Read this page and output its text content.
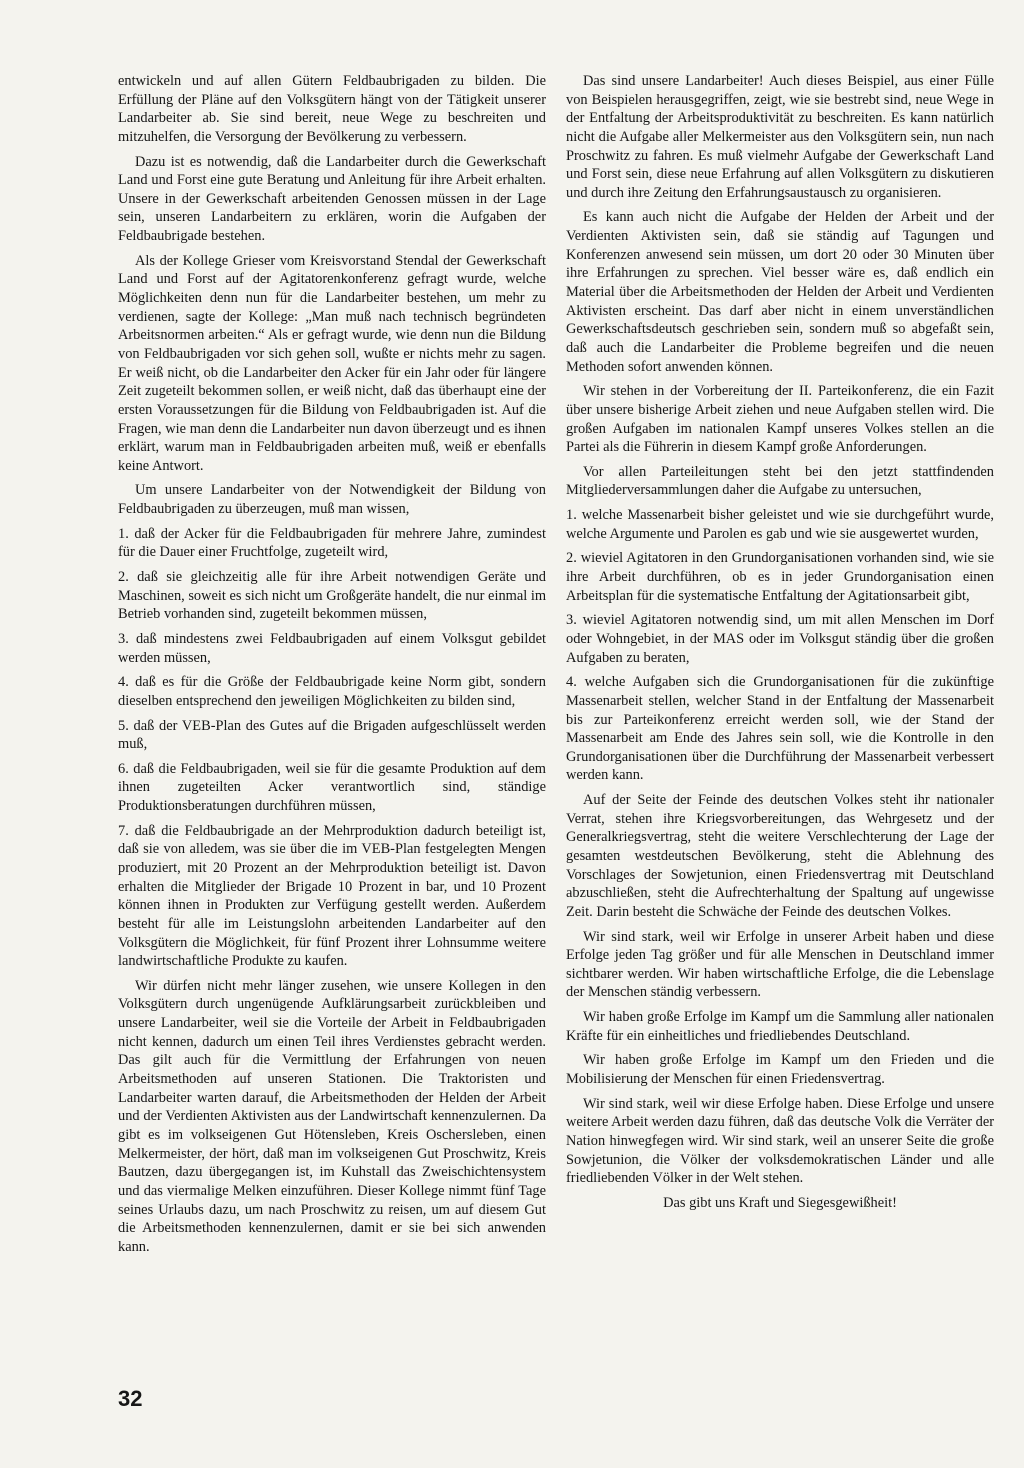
entwickeln und auf allen Gütern Feldbaubrigaden zu bilden. Die Erfüllung der Pläne auf den Volksgütern hängt von der Tätigkeit unserer Landarbeiter ab. Sie sind bereit, neue Wege zu beschreiten und mitzuhelfen, die Versorgung der Bevölkerung zu verbessern.

Dazu ist es notwendig, daß die Landarbeiter durch die Gewerkschaft Land und Forst eine gute Beratung und Anleitung für ihre Arbeit erhalten. Unsere in der Gewerkschaft arbeitenden Genossen müssen in der Lage sein, unseren Landarbeitern zu erklären, worin die Aufgaben der Feldbaubrigade bestehen.

Als der Kollege Grieser vom Kreisvorstand Stendal der Gewerkschaft Land und Forst auf der Agitatorenkonferenz gefragt wurde, welche Möglichkeiten denn nun für die Landarbeiter bestehen, um mehr zu verdienen, sagte der Kollege: „Man muß nach technisch begründeten Arbeitsnormen arbeiten.“ Als er gefragt wurde, wie denn nun die Bildung von Feldbaubrigaden vor sich gehen soll, wußte er nichts mehr zu sagen. Er weiß nicht, ob die Landarbeiter den Acker für ein Jahr oder für längere Zeit zugeteilt bekommen sollen, er weiß nicht, daß das überhaupt eine der ersten Voraussetzungen für die Bildung von Feldbaubrigaden ist. Auf die Fragen, wie man denn die Landarbeiter nun davon überzeugt und es ihnen erklärt, warum man in Feldbaubrigaden arbeiten muß, weiß er ebenfalls keine Antwort.

Um unsere Landarbeiter von der Notwendigkeit der Bildung von Feldbaubrigaden zu überzeugen, muß man wissen,

1. daß der Acker für die Feldbaubrigaden für mehrere Jahre, zumindest für die Dauer einer Fruchtfolge, zugeteilt wird,
2. daß sie gleichzeitig alle für ihre Arbeit notwendigen Geräte und Maschinen, soweit es sich nicht um Großgeräte handelt, die nur einmal im Betrieb vorhanden sind, zugeteilt bekommen müssen,
3. daß mindestens zwei Feldbaubrigaden auf einem Volksgut gebildet werden müssen,
4. daß es für die Größe der Feldbaubrigade keine Norm gibt, sondern dieselben entsprechend den jeweiligen Möglichkeiten zu bilden sind,
5. daß der VEB-Plan des Gutes auf die Brigaden aufgeschlüsselt werden muß,
6. daß die Feldbaubrigaden, weil sie für die gesamte Produktion auf dem ihnen zugeteilten Acker verantwortlich sind, ständige Produktionsberatungen durchführen müssen,
7. daß die Feldbaubrigade an der Mehrproduktion dadurch beteiligt ist, daß sie von alledem, was sie über die im VEB-Plan festgelegten Mengen produziert, mit 20 Prozent an der Mehrproduktion beteiligt ist. Davon erhalten die Mitglieder der Brigade 10 Prozent in bar, und 10 Prozent können ihnen in Produkten zur Verfügung gestellt werden. Außerdem besteht für alle im Leistungslohn arbeitenden Landarbeiter auf den Volksgütern die Möglichkeit, für fünf Prozent ihrer Lohnsumme weitere landwirtschaftliche Produkte zu kaufen.

Wir dürfen nicht mehr länger zusehen, wie unsere Kollegen in den Volksgütern durch ungenügende Aufklärungsarbeit zurückbleiben und unsere Landarbeiter, weil sie die Vorteile der Arbeit in Feldbaubrigaden nicht kennen, dadurch um einen Teil ihres Verdienstes gebracht werden. Das gilt auch für die Vermittlung der Erfahrungen von neuen Arbeitsmethoden auf unseren Stationen. Die Traktoristen und Landarbeiter warten darauf, die Arbeitsmethoden der Helden der Arbeit und der Verdienten Aktivisten aus der Landwirtschaft kennenzulernen. Da gibt es im volkseigenen Gut Hötensleben, Kreis Oschersleben, einen Melkermeister, der hört, daß man im volkseigenen Gut Proschwitz, Kreis Bautzen, dazu übergegangen ist, im Kuhstall das Zweischichtensystem und das viermalige Melken einzuführen. Dieser Kollege nimmt fünf Tage seines Urlaubs dazu, um nach Proschwitz zu reisen, um auf diesem Gut die Arbeitsmethoden kennenzulernen, damit er sie bei sich anwenden kann.

Das sind unsere Landarbeiter! Auch dieses Beispiel, aus einer Fülle von Beispielen herausgegriffen, zeigt, wie sie bestrebt sind, neue Wege in der Entfaltung der Arbeitsproduktivität zu beschreiten. Es kann natürlich nicht die Aufgabe aller Melkermeister aus den Volksgütern sein, nun nach Proschwitz zu fahren. Es muß vielmehr Aufgabe der Gewerkschaft Land und Forst sein, diese neue Erfahrung auf allen Volksgütern zu diskutieren und durch ihre Zeitung den Erfahrungsaustausch zu organisieren.

Es kann auch nicht die Aufgabe der Helden der Arbeit und der Verdienten Aktivisten sein, daß sie ständig auf Tagungen und Konferenzen anwesend sein müssen, um dort 20 oder 30 Minuten über ihre Erfahrungen zu sprechen. Viel besser wäre es, daß endlich ein Material über die Arbeitsmethoden der Helden der Arbeit und Verdienten Aktivisten erscheint. Das darf aber nicht in einem unverständlichen Gewerkschaftsdeutsch geschrieben sein, sondern muß so abgefaßt sein, daß auch die Landarbeiter die Probleme begreifen und die neuen Methoden sofort anwenden können.

Wir stehen in der Vorbereitung der II. Parteikonferenz, die ein Fazit über unsere bisherige Arbeit ziehen und neue Aufgaben stellen wird. Die großen Aufgaben im nationalen Kampf unseres Volkes stellen an die Partei als die Führerin in diesem Kampf große Anforderungen.

Vor allen Parteileitungen steht bei den jetzt stattfindenden Mitgliederversammlungen daher die Aufgabe zu untersuchen,

1. welche Massenarbeit bisher geleistet und wie sie durchgeführt wurde, welche Argumente und Parolen es gab und wie sie ausgewertet wurden,
2. wieviel Agitatoren in den Grundorganisationen vorhanden sind, wie sie ihre Arbeit durchführen, ob es in jeder Grundorganisation einen Arbeitsplan für die systematische Entfaltung der Agitationsarbeit gibt,
3. wieviel Agitatoren notwendig sind, um mit allen Menschen im Dorf oder Wohngebiet, in der MAS oder im Volksgut ständig über die großen Aufgaben zu beraten,
4. welche Aufgaben sich die Grundorganisationen für die zukünftige Massenarbeit stellen, welcher Stand in der Entfaltung der Massenarbeit bis zur Parteikonferenz erreicht werden soll, wie der Stand der Massenarbeit am Ende des Jahres sein soll, wie die Kontrolle in den Grundorganisationen über die Durchführung der Massenarbeit verbessert werden kann.

Auf der Seite der Feinde des deutschen Volkes steht ihr nationaler Verrat, stehen ihre Kriegsvorbereitungen, das Wehrgesetz und der Generalkriegsvertrag, steht die weitere Verschlechterung der Lage der gesamten westdeutschen Bevölkerung, steht die Ablehnung des Vorschlages der Sowjetunion, einen Friedensvertrag mit Deutschland abzuschließen, steht die Aufrechterhaltung der Spaltung auf ungewisse Zeit. Darin besteht die Schwäche der Feinde des deutschen Volkes.

Wir sind stark, weil wir Erfolge in unserer Arbeit haben und diese Erfolge jeden Tag größer und für alle Menschen in Deutschland immer sichtbarer werden. Wir haben wirtschaftliche Erfolge, die die Lebenslage der Menschen ständig verbessern.

Wir haben große Erfolge im Kampf um die Sammlung aller nationalen Kräfte für ein einheitliches und friedliebendes Deutschland.

Wir haben große Erfolge im Kampf um den Frieden und die Mobilisierung der Menschen für einen Friedensvertrag.

Wir sind stark, weil wir diese Erfolge haben. Diese Erfolge und unsere weitere Arbeit werden dazu führen, daß das deutsche Volk die Verräter der Nation hinwegfegen wird. Wir sind stark, weil an unserer Seite die große Sowjetunion, die Völker der volksdemokratischen Länder und alle friedliebenden Völker in der Welt stehen.

Das gibt uns Kraft und Siegesgewißheit!

32
